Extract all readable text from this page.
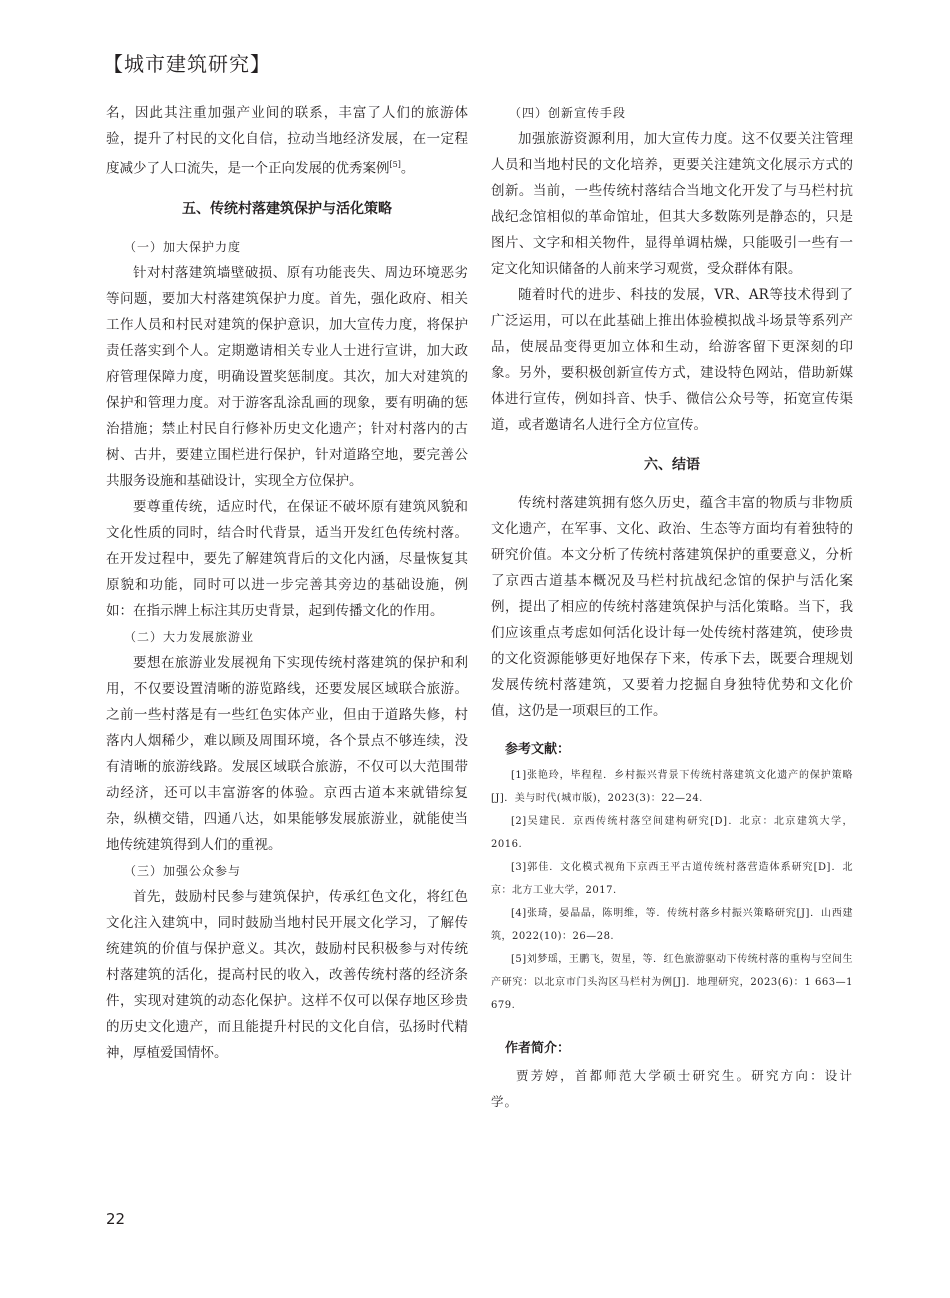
【城市建筑研究】

名，因此其注重加强产业间的联系，丰富了人们的旅游体验，提升了村民的文化自信，拉动当地经济发展，在一定程度减少了人口流失，是一个正向发展的优秀案例[5]。

五、传统村落建筑保护与活化策略
（一）加大保护力度

针对村落建筑墙壁破损、原有功能丧失、周边环境恶劣等问题，要加大村落建筑保护力度。首先，强化政府、相关工作人员和村民对建筑的保护意识，加大宣传力度，将保护责任落实到个人。定期邀请相关专业人士进行宣讲，加大政府管理保障力度，明确设置奖惩制度。其次，加大对建筑的保护和管理力度。对于游客乱涂乱画的现象，要有明确的惩治措施；禁止村民自行修补历史文化遗产；针对村落内的古树、古井，要建立围栏进行保护，针对道路空地，要完善公共服务设施和基础设计，实现全方位保护。

要尊重传统，适应时代，在保证不破坏原有建筑风貌和文化性质的同时，结合时代背景，适当开发红色传统村落。在开发过程中，要先了解建筑背后的文化内涵，尽量恢复其原貌和功能，同时可以进一步完善其旁边的基础设施，例如：在指示牌上标注其历史背景，起到传播文化的作用。

（二）大力发展旅游业

要想在旅游业发展视角下实现传统村落建筑的保护和利用，不仅要设置清晰的游览路线，还要发展区域联合旅游。之前一些村落是有一些红色实体产业，但由于道路失修，村落内人烟稀少，难以顾及周围环境，各个景点不够连续，没有清晰的旅游线路。发展区域联合旅游，不仅可以大范围带动经济，还可以丰富游客的体验。京西古道本来就错综复杂，纵横交错，四通八达，如果能够发展旅游业，就能使当地传统建筑得到人们的重视。

（三）加强公众参与

首先，鼓励村民参与建筑保护，传承红色文化，将红色文化注入建筑中，同时鼓励当地村民开展文化学习，了解传统建筑的价值与保护意义。其次，鼓励村民积极参与对传统村落建筑的活化，提高村民的收入，改善传统村落的经济条件，实现对建筑的动态化保护。这样不仅可以保存地区珍贵的历史文化遗产，而且能提升村民的文化自信，弘扬时代精神，厚植爱国情怀。

（四）创新宣传手段

加强旅游资源利用，加大宣传力度。这不仅要关注管理人员和当地村民的文化培养，更要关注建筑文化展示方式的创新。当前，一些传统村落结合当地文化开发了与马栏村抗战纪念馆相似的革命馆址，但其大多数陈列是静态的，只是图片、文字和相关物件，显得单调枯燥，只能吸引一些有一定文化知识储备的人前来学习观赏，受众群体有限。

随着时代的进步、科技的发展，VR、AR等技术得到了广泛运用，可以在此基础上推出体验模拟战斗场景等系列产品，使展品变得更加立体和生动，给游客留下更深刻的印象。另外，要积极创新宣传方式，建设特色网站，借助新媒体进行宣传，例如抖音、快手、微信公众号等，拓宽宣传渠道，或者邀请名人进行全方位宣传。

六、结语

传统村落建筑拥有悠久历史，蕴含丰富的物质与非物质文化遗产，在军事、文化、政治、生态等方面均有着独特的研究价值。本文分析了传统村落建筑保护的重要意义，分析了京西古道基本概况及马栏村抗战纪念馆的保护与活化案例，提出了相应的传统村落建筑保护与活化策略。当下，我们应该重点考虑如何活化设计每一处传统村落建筑，使珍贵的文化资源能够更好地保存下来，传承下去，既要合理规划发展传统村落建筑，又要着力挖掘自身独特优势和文化价值，这仍是一项艰巨的工作。

参考文献：

[1]张艳玲，毕程程．乡村振兴背景下传统村落建筑文化遗产的保护策略[J]．美与时代(城市版)，2023(3)：22—24.

[2]吴建民．京西传统村落空间建构研究[D]．北京：北京建筑大学，2016.

[3]郭佳．文化模式视角下京西王平古道传统村落营造体系研究[D]．北京：北方工业大学，2017.

[4]张琦，晏晶晶，陈明维，等．传统村落乡村振兴策略研究[J]．山西建筑，2022(10)：26—28.

[5]刘梦瑶，王鹏飞，贺星，等．红色旅游驱动下传统村落的重构与空间生产研究：以北京市门头沟区马栏村为例[J]．地理研究，2023(6)：1 663—1 679.

作者简介：

贾芳婷，首都师范大学硕士研究生。研究方向：设计学。

22
